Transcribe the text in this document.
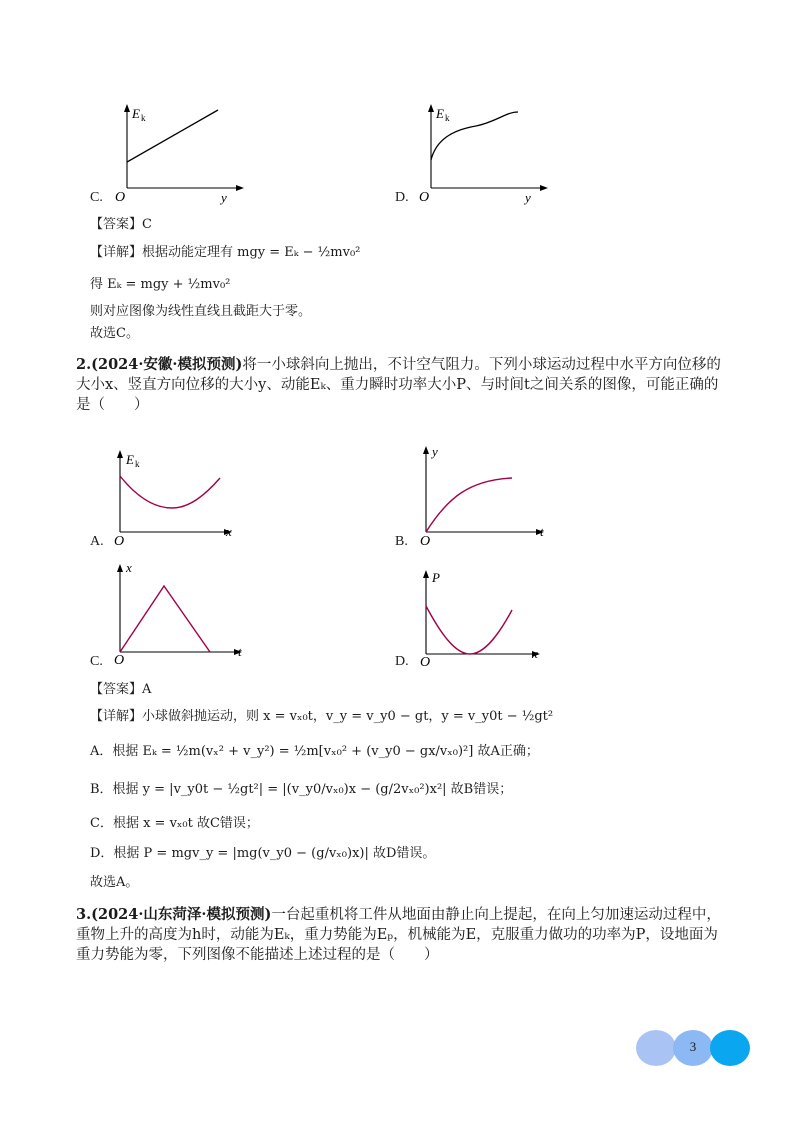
E k
O	y
C.
E k
O	y
D.
【答案】C
【详解】根据动能定理有 mgy = Eₖ − ½mv₀²
得 Eₖ = mgy + ½mv₀²
则对应图像为线性直线且截距大于零。
故选C。
2.(2024·安徽·模拟预测)将一小球斜向上抛出，不计空气阻力。下列小球运动过程中水平方向位移的大小x、竖直方向位移的大小y、动能Eₖ、重力瞬时功率大小P、与时间t之间关系的图像，可能正确的是（　　）
E k
O
x
A.
y
O
t
B.
x
O
t
C.
P
O
x
D.
【答案】A
【详解】小球做斜抛运动，则 x = vₓ₀t，v_y = v_y0 − gt，y = v_y0t − ½gt²
A．根据 Eₖ = ½m(vₓ² + v_y²) = ½m[vₓ₀² + (v_y0 − gx/vₓ₀)²] 故A正确；
B．根据 y = |v_y0t − ½gt²| = |(v_y0/vₓ₀)x − (g/2vₓ₀²)x²| 故B错误；
C．根据 x = vₓ₀t 故C错误；
D．根据 P = mgv_y = |mg(v_y0 − (g/vₓ₀)x)| 故D错误。
故选A。
3.(2024·山东菏泽·模拟预测)一台起重机将工件从地面由静止向上提起，在向上匀加速运动过程中，重物上升的高度为h时，动能为Eₖ，重力势能为Eₚ，机械能为E，克服重力做功的功率为P，设地面为重力势能为零，下列图像不能描述上述过程的是（　　）
3
